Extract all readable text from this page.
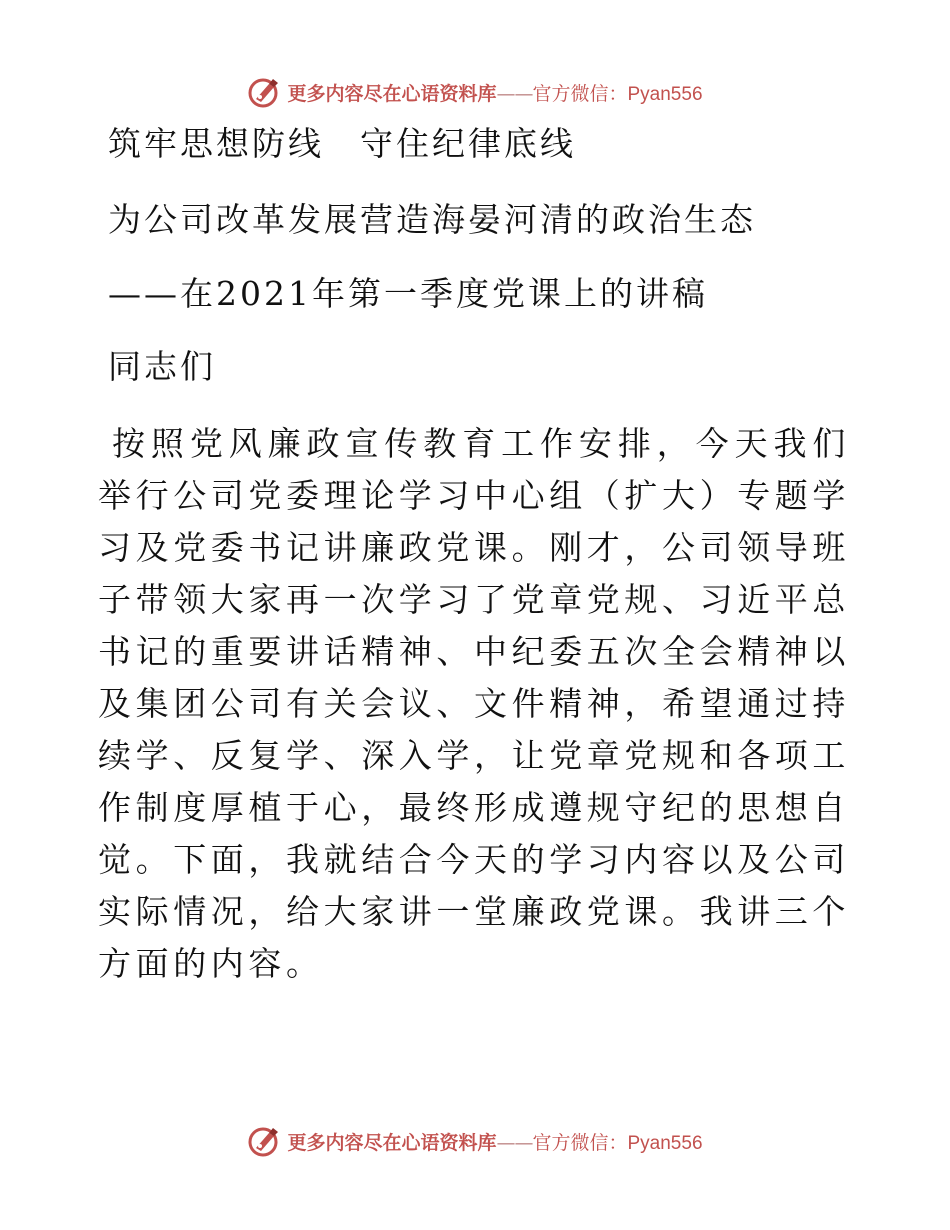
更多内容尽在心语资料库 —— 官方微信： Pyan556
筑牢思想防线　守住纪律底线
为公司改革发展营造海晏河清的政治生态
——在2021年第一季度党课上的讲稿
同志们
按照党风廉政宣传教育工作安排，今天我们举行公司党委理论学习中心组（扩大）专题学习及党委书记讲廉政党课。刚才，公司领导班子带领大家再一次学习了党章党规、习近平总书记的重要讲话精神、中纪委五次全会精神以及集团公司有关会议、文件精神，希望通过持续学、反复学、深入学，让党章党规和各项工作制度厚植于心，最终形成遵规守纪的思想自觉。下面，我就结合今天的学习内容以及公司实际情况，给大家讲一堂廉政党课。我讲三个方面的内容。
更多内容尽在心语资料库 —— 官方微信： Pyan556
